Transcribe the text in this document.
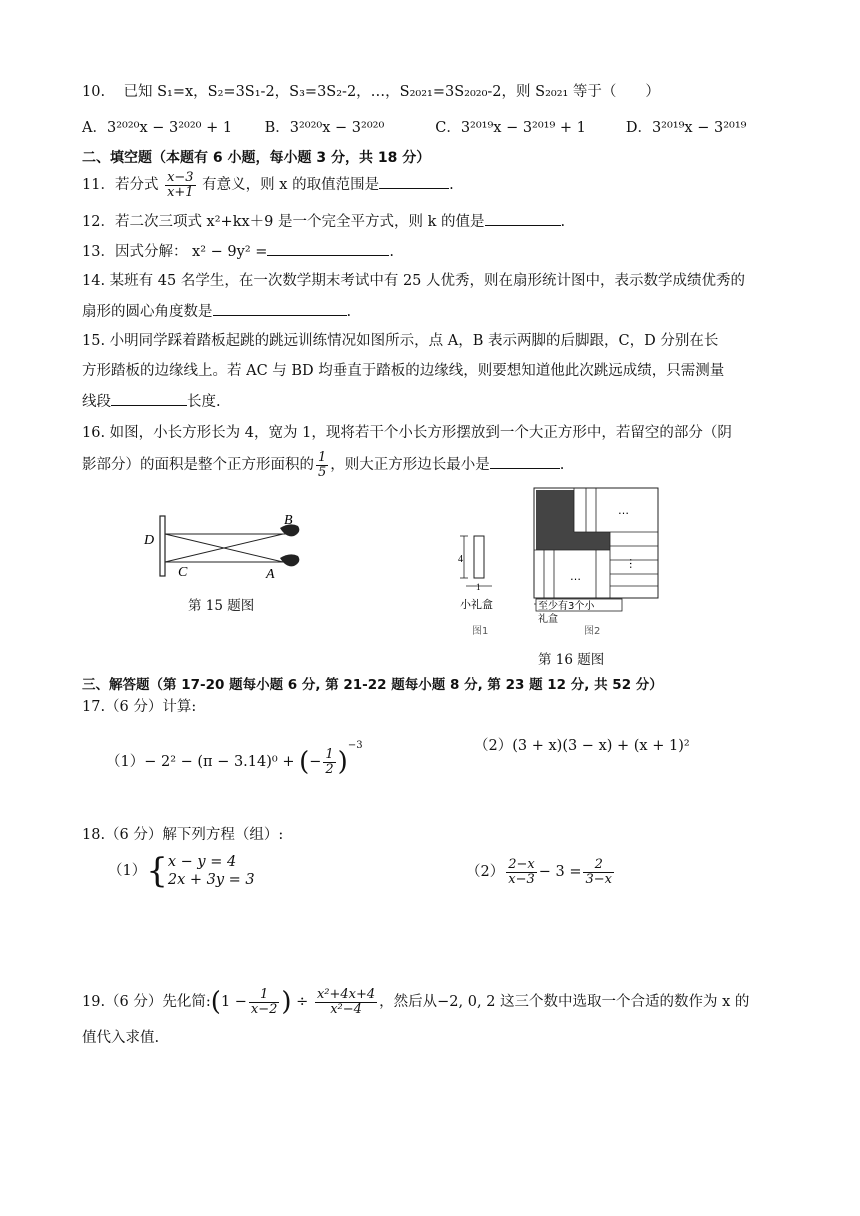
10. 已知 S₁=x，S₂=3S₁-2，S₃=3S₂-2，…，S₂₀₂₁=3S₂₀₂₀-2，则 S₂₀₂₁ 等于（　　）
A．3²⁰²⁰x − 3²⁰²⁰ + 1 B．3²⁰²⁰x − 3²⁰²⁰	C．3²⁰¹⁹x − 3²⁰¹⁹ + 1	D．3²⁰¹⁹x − 3²⁰¹⁹
二、填空题（本题有 6 小题，每小题 3 分，共 18 分）
11．若分式 $\frac{x-3}{x+1}$ 有意义，则 x 的取值范围是	.
12．若二次三项式 x²+kx＋9 是一个完全平方式，则 k 的值是	.
13．因式分解： x² − 9y² =	.
14. 某班有 45 名学生，在一次数学期末考试中有 25 人优秀，则在扇形统计图中，表示数学成绩优秀的
扇形的圆心角度数是	.
15. 小明同学踩着踏板起跳的跳远训练情况如图所示，点 A，B 表示两脚的后脚跟，C，D 分别在长
方形踏板的边缘线上。若 AC 与 BD 均垂直于踏板的边缘线，则要想知道他此次跳远成绩，只需测量
线段	长度.
16. 如图，小长方形长为 4，宽为 1，现将若干个小长方形摆放到一个大正方形中，若留空的部分（阴
影部分）的面积是整个正方形面积的 $\frac{1}{5}$ ，则大正方形边长最小是	.
D
C
B
A
第 15 题图
4
1
小礼盒
图1
…
…
…
至少有3个小
礼盒
图2
第 16 题图
三、解答题（第 17-20 题每小题 6 分, 第 21-22 题每小题 8 分, 第 23 题 12 分, 共 52 分）
17.（6 分）计算:
（1）− 2² − (π − 3.14)⁰ + (− $\frac{1}{2} )^{-3}$	（2）(3 + x)(3 − x) + (x + 1)²
18.（6 分）解下列方程（组）:
（1）{ x − y = 4
2x + 3y = 3	$(2) \frac{2-x}{x-3} - 3 = \frac{2}{3-x}$
19.（6 分）先化简:(1 − $\frac{1}{x-2}$ ) ÷ $\frac{\text{x²+4x+4}}{\text{x²−4}}$ ，然后从−2, 0, 2 这三个数中选取一个合适的数作为 x 的
值代入求值.
